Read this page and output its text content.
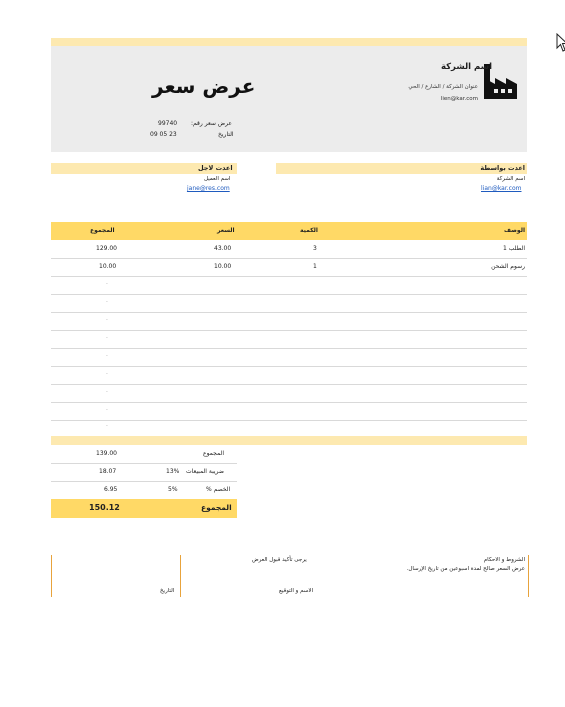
اسم الشركة
عنوان الشركة / الشارع / الحي
lien@kar.com
عرض سعر
عرض سعر رقم:
99740
التاريخ
09 05 23
اعدت بواسطة
اسم الشركة
lian@kar.com
اعدت لاجل
اسم العميل
jane@res.com
الوصف
الكمية
السعر
المجموع
الطلب 1
3
43.00
129.00
رسوم الشحن
1
10.00
10.00
-
-
-
-
-
-
-
-
-
المجموع
139.00
ضريبة المبيعات
13%
18.07
الخصم %
5%
6.95
المجموع
150.12
الشروط و الاحكام
عرض السعر صالح لمدة اسبوعين من تاريخ الإرسال.
يرجى تأكيد قبول العرض
الاسم و التوقيع
التاريخ
